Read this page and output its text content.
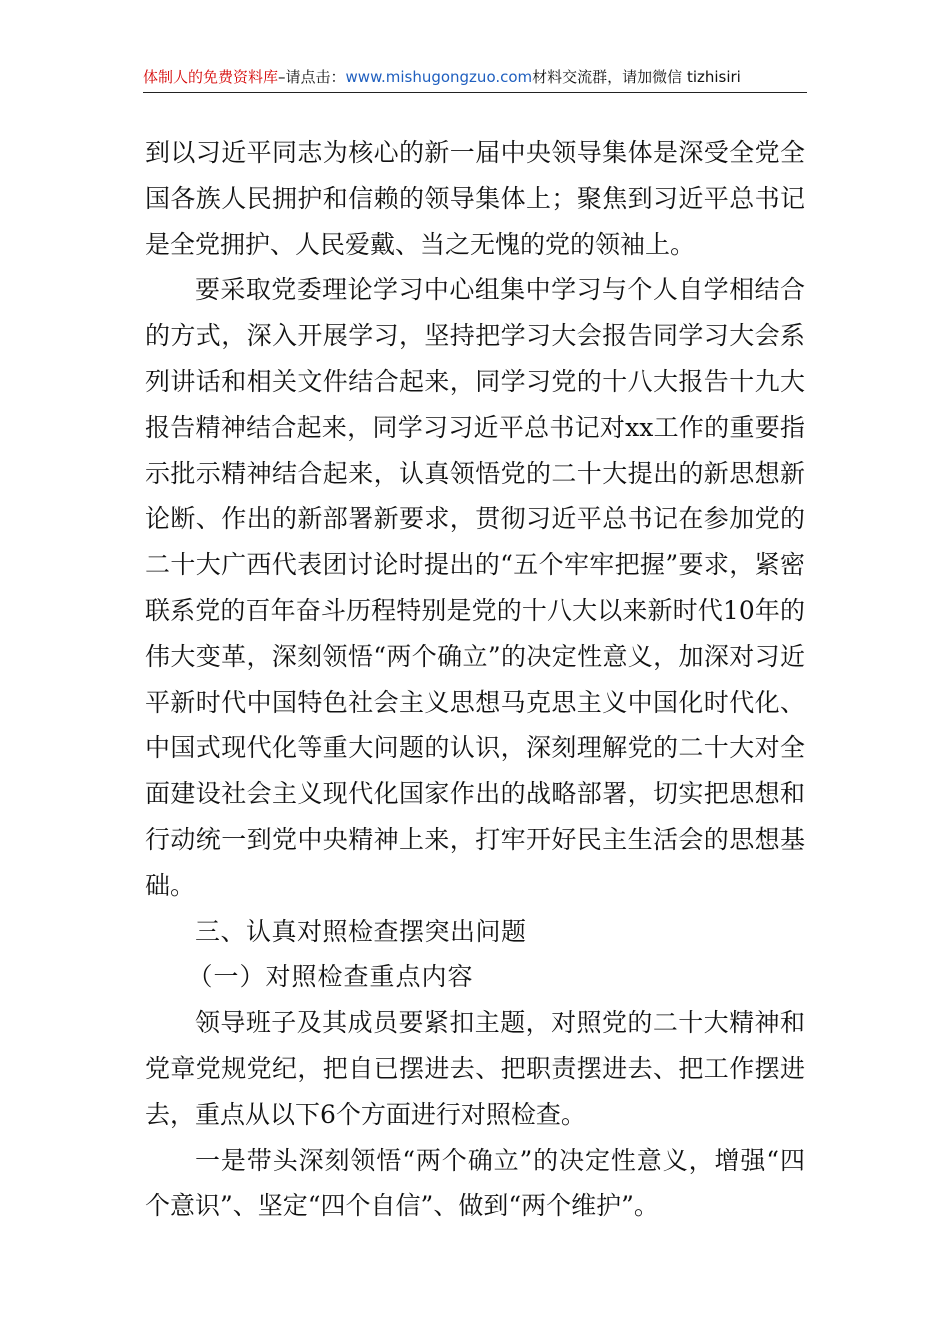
体制人的免费资料库–请点击：www.mishugongzuo.com材料交流群，请加微信 tizhisiri

到以习近平同志为核心的新一届中央领导集体是深受全党全国各族人民拥护和信赖的领导集体上；聚焦到习近平总书记是全党拥护、人民爱戴、当之无愧的党的领袖上。

要采取党委理论学习中心组集中学习与个人自学相结合的方式，深入开展学习，坚持把学习大会报告同学习大会系列讲话和相关文件结合起来，同学习党的十八大报告十九大报告精神结合起来，同学习习近平总书记对xx工作的重要指示批示精神结合起来，认真领悟党的二十大提出的新思想新论断、作出的新部署新要求，贯彻习近平总书记在参加党的二十大广西代表团讨论时提出的“五个牢牢把握”要求，紧密联系党的百年奋斗历程特别是党的十八大以来新时代10年的伟大变革，深刻领悟“两个确立”的决定性意义，加深对习近平新时代中国特色社会主义思想马克思主义中国化时代化、中国式现代化等重大问题的认识，深刻理解党的二十大对全面建设社会主义现代化国家作出的战略部署，切实把思想和行动统一到党中央精神上来，打牢开好民主生活会的思想基础。

三、认真对照检查摆突出问题

（一）对照检查重点内容

领导班子及其成员要紧扣主题，对照党的二十大精神和党章党规党纪，把自已摆进去、把职责摆进去、把工作摆进去，重点从以下6个方面进行对照检查。

一是带头深刻领悟“两个确立”的决定性意义，增强“四个意识”、坚定“四个自信”、做到“两个维护”。
